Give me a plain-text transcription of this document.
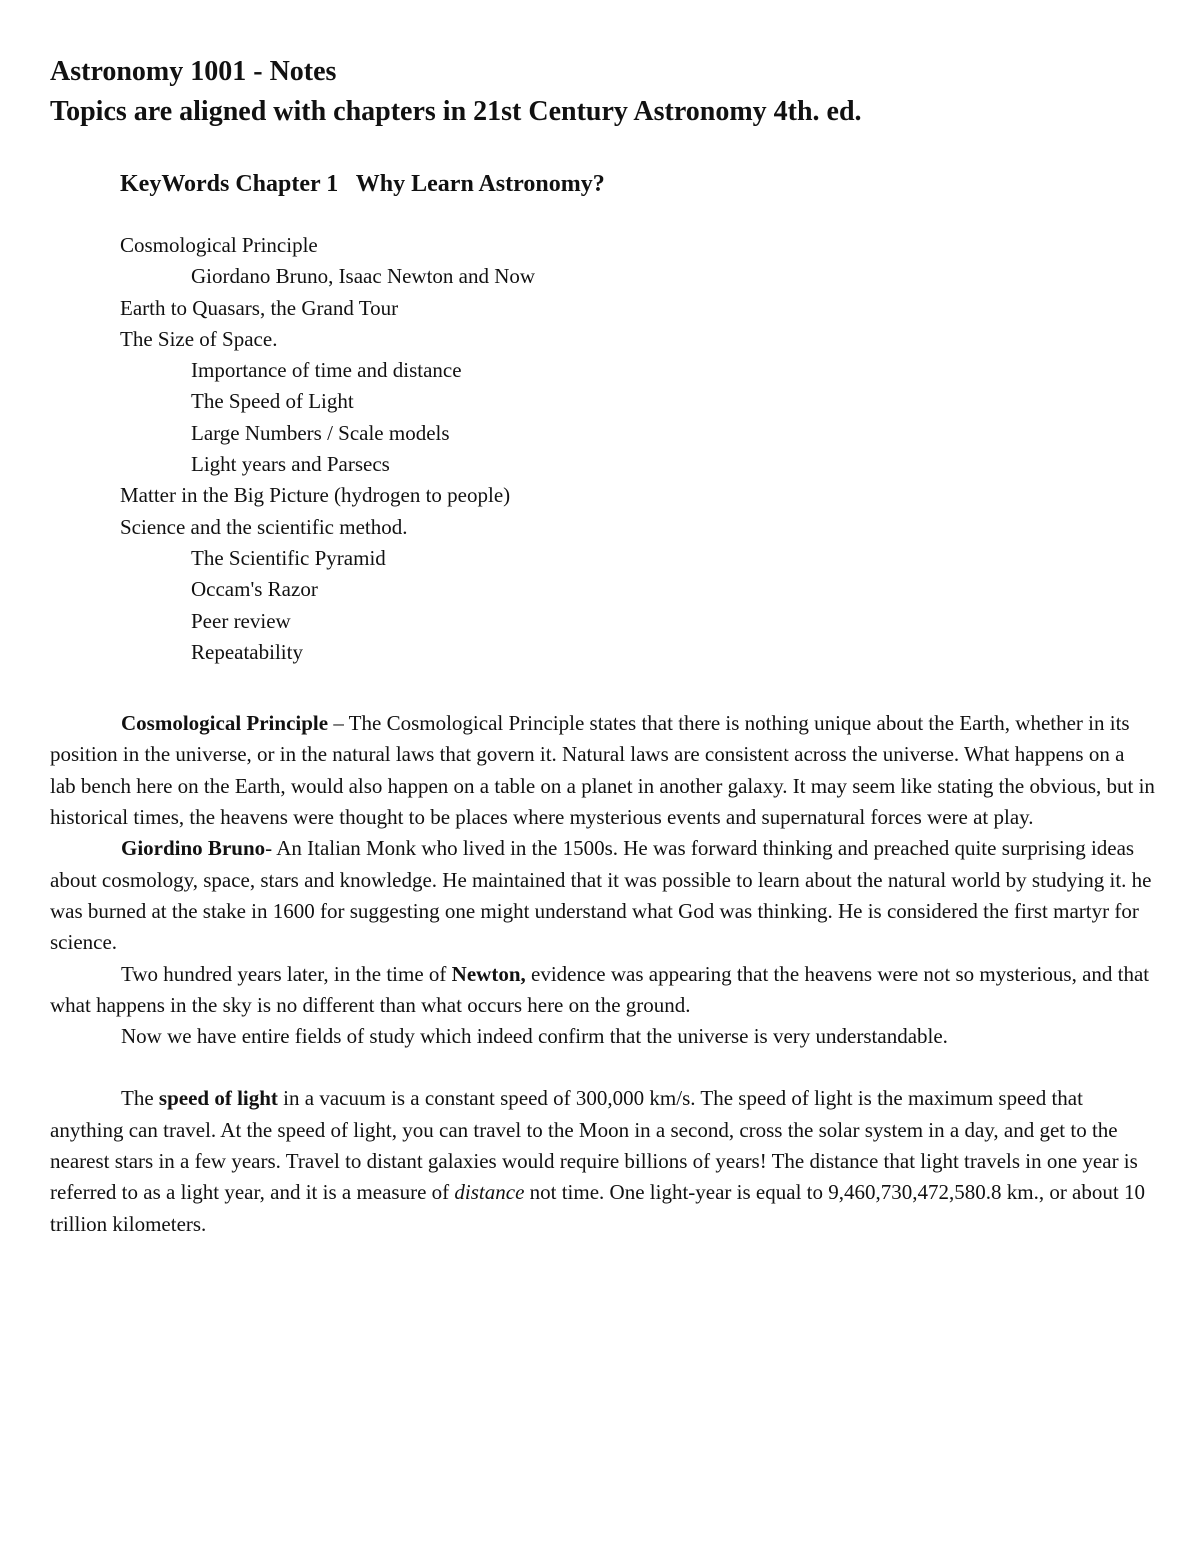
Astronomy 1001 - Notes
Topics are aligned with chapters in 21st Century Astronomy 4th. ed.
KeyWords Chapter 1   Why Learn Astronomy?
Cosmological Principle
Giordano Bruno, Isaac Newton and Now
Earth to Quasars, the Grand Tour
The Size of Space.
Importance of time and distance
The Speed of Light
Large Numbers / Scale models
Light years and Parsecs
Matter in the Big Picture (hydrogen to people)
Science and the scientific method.
The Scientific Pyramid
Occam's Razor
Peer review
Repeatability

Cosmological Principle – The Cosmological Principle states that there is nothing unique about the Earth, whether in its position in the universe, or in the natural laws that govern it. Natural laws are consistent across the universe. What happens on a lab bench here on the Earth, would also happen on a table on a planet in another galaxy. It may seem like stating the obvious, but in historical times, the heavens were thought to be places where mysterious events and supernatural forces were at play.

Giordino Bruno- An Italian Monk who lived in the 1500s. He was forward thinking and preached quite surprising ideas about cosmology, space, stars and knowledge. He maintained that it was possible to learn about the natural world by studying it. he was burned at the stake in 1600 for suggesting one might understand what God was thinking. He is considered the first martyr for science.

Two hundred years later, in the time of Newton, evidence was appearing that the heavens were not so mysterious, and that what happens in the sky is no different than what occurs here on the ground.

Now we have entire fields of study which indeed confirm that the universe is very understandable.

The speed of light in a vacuum is a constant speed of 300,000 km/s. The speed of light is the maximum speed that anything can travel. At the speed of light, you can travel to the Moon in a second, cross the solar system in a day, and get to the nearest stars in a few years. Travel to distant galaxies would require billions of years! The distance that light travels in one year is referred to as a light year, and it is a measure of distance not time. One light-year is equal to 9,460,730,472,580.8 km., or about 10 trillion kilometers.
